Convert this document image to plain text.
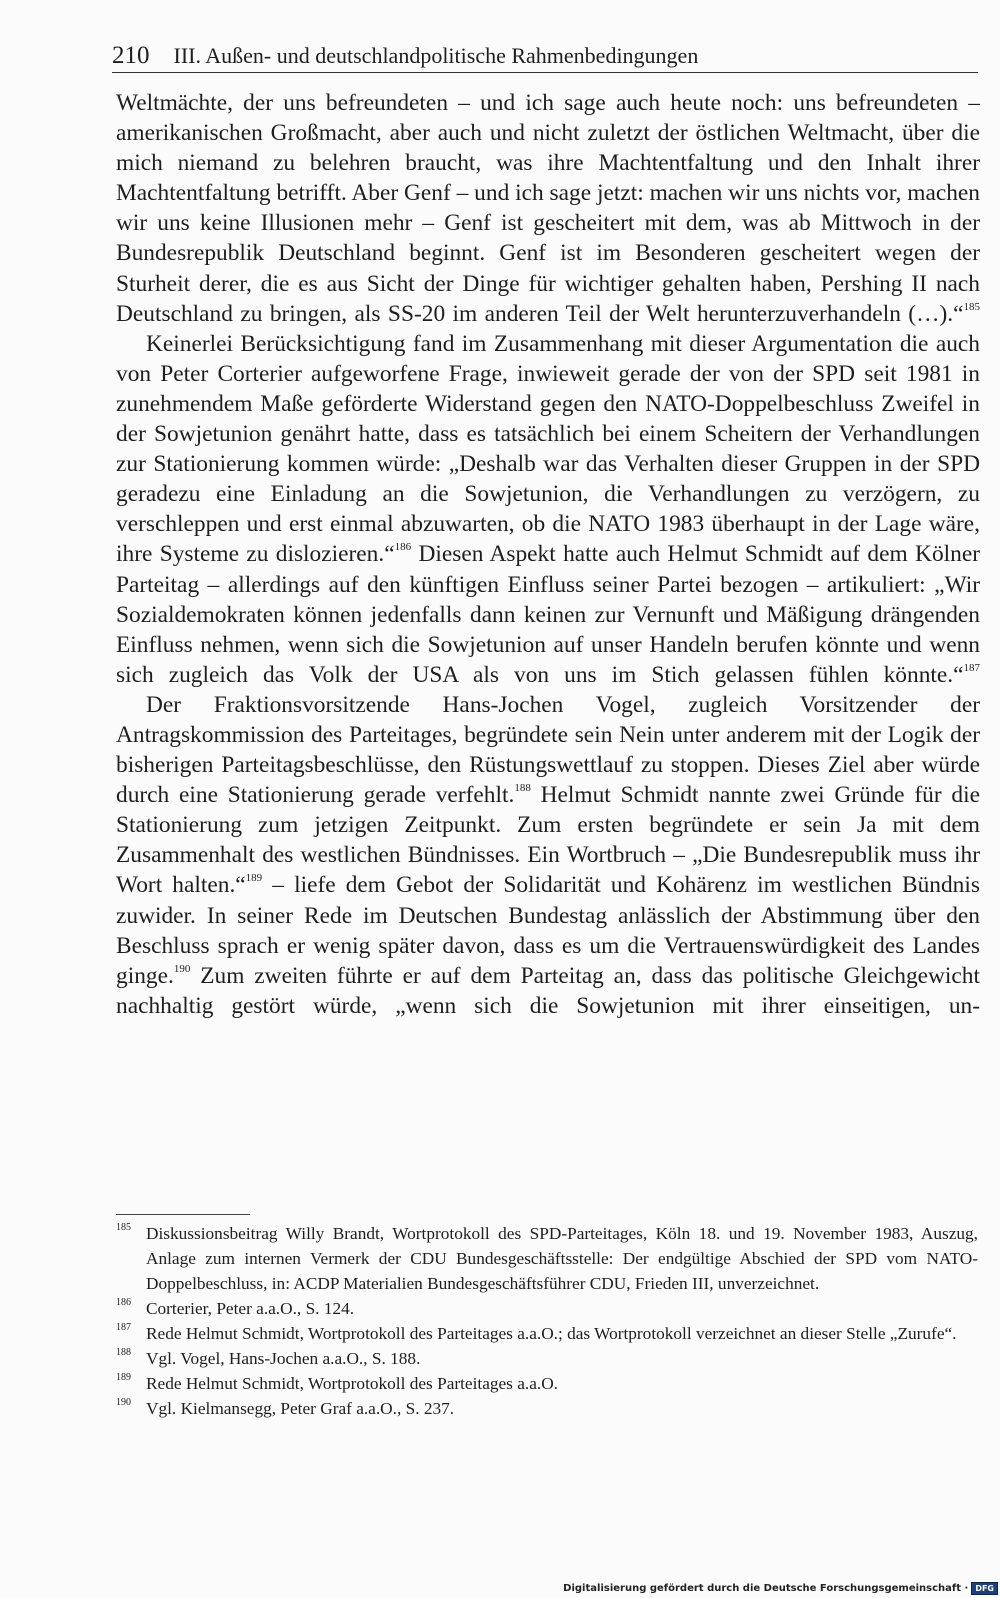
210 III. Außen- und deutschlandpolitische Rahmenbedingungen

Weltmächte, der uns befreundeten – und ich sage auch heute noch: uns befreundeten – amerikanischen Großmacht, aber auch und nicht zuletzt der östlichen Weltmacht, über die mich niemand zu belehren braucht, was ihre Machtentfaltung und den Inhalt ihrer Machtentfaltung betrifft. Aber Genf – und ich sage jetzt: machen wir uns nichts vor, machen wir uns keine Illusionen mehr – Genf ist gescheitert mit dem, was ab Mittwoch in der Bundesrepublik Deutschland beginnt. Genf ist im Besonderen gescheitert wegen der Sturheit derer, die es aus Sicht der Dinge für wichtiger gehalten haben, Pershing II nach Deutschland zu bringen, als SS-20 im anderen Teil der Welt herunterzuverhandeln (…).“$^{185}$

Keinerlei Berücksichtigung fand im Zusammenhang mit dieser Argumentation die auch von Peter Corterier aufgeworfene Frage, inwieweit gerade der von der SPD seit 1981 in zunehmendem Maße geförderte Widerstand gegen den NATO-Doppelbeschluss Zweifel in der Sowjetunion genährt hatte, dass es tatsächlich bei einem Scheitern der Verhandlungen zur Stationierung kommen würde: „Deshalb war das Verhalten dieser Gruppen in der SPD geradezu eine Einladung an die Sowjetunion, die Verhandlungen zu verzögern, zu verschleppen und erst einmal abzuwarten, ob die NATO 1983 überhaupt in der Lage wäre, ihre Systeme zu dislozieren.“$^{186}$ Diesen Aspekt hatte auch Helmut Schmidt auf dem Kölner Parteitag – allerdings auf den künftigen Einfluss seiner Partei bezogen – artikuliert: „Wir Sozialdemokraten können jedenfalls dann keinen zur Vernunft und Mäßigung drängenden Einfluss nehmen, wenn sich die Sowjetunion auf unser Handeln berufen könnte und wenn sich zugleich das Volk der USA als von uns im Stich gelassen fühlen könnte.“$^{187}$

Der Fraktionsvorsitzende Hans-Jochen Vogel, zugleich Vorsitzender der Antragskommission des Parteitages, begründete sein Nein unter anderem mit der Logik der bisherigen Parteitagsbeschlüsse, den Rüstungswettlauf zu stoppen. Dieses Ziel aber würde durch eine Stationierung gerade verfehlt.$^{188}$ Helmut Schmidt nannte zwei Gründe für die Stationierung zum jetzigen Zeitpunkt. Zum ersten begründete er sein Ja mit dem Zusammenhalt des westlichen Bündnisses. Ein Wortbruch – „Die Bundesrepublik muss ihr Wort halten.“$^{189}$ – liefe dem Gebot der Solidarität und Kohärenz im westlichen Bündnis zuwider. In seiner Rede im Deutschen Bundestag anlässlich der Abstimmung über den Beschluss sprach er wenig später davon, dass es um die Vertrauenswürdigkeit des Landes ginge.$^{190}$ Zum zweiten führte er auf dem Parteitag an, dass das politische Gleichgewicht nachhaltig gestört würde, „wenn sich die Sowjetunion mit ihrer einseitigen, un-

$^{185}$ Diskussionsbeitrag Willy Brandt, Wortprotokoll des SPD-Parteitages, Köln 18. und 19. November 1983, Auszug, Anlage zum internen Vermerk der CDU Bundesgeschäftsstelle: Der endgültige Abschied der SPD vom NATO-Doppelbeschluss, in: ACDP Materialien Bundesgeschäftsführer CDU, Frieden III, unverzeichnet.
$^{186}$ Corterier, Peter a.a.O., S. 124.
$^{187}$ Rede Helmut Schmidt, Wortprotokoll des Parteitages a.a.O.; das Wortprotokoll verzeichnet an dieser Stelle „Zurufe“.
$^{188}$ Vgl. Vogel, Hans-Jochen a.a.O., S. 188.
$^{189}$ Rede Helmut Schmidt, Wortprotokoll des Parteitages a.a.O.
$^{190}$ Vgl. Kielmansegg, Peter Graf a.a.O., S. 237.
Digitalisierung gefördert durch die Deutsche Forschungsgemeinschaft · DFG
